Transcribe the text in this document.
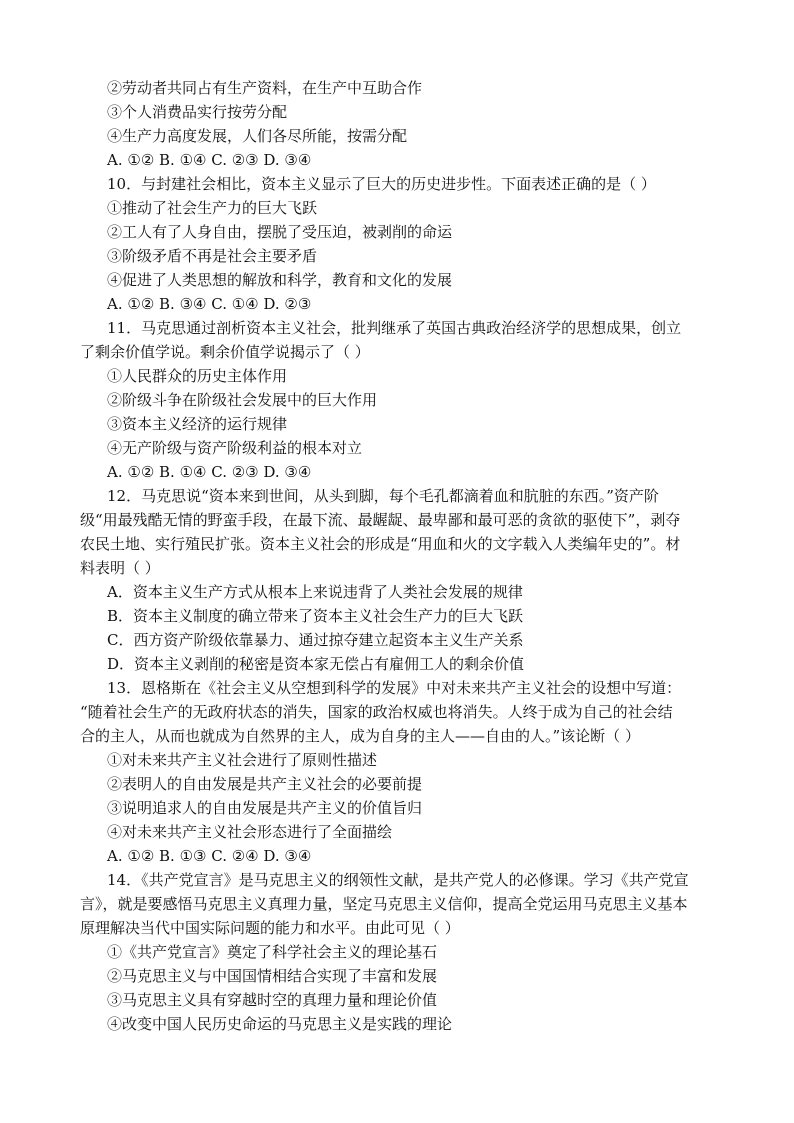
②劳动者共同占有生产资料，在生产中互助合作
③个人消费品实行按劳分配
④生产力高度发展，人们各尽所能，按需分配
A. ①② B. ①④ C. ②③ D. ③④
10．与封建社会相比，资本主义显示了巨大的历史进步性。下面表述正确的是（ ）
①推动了社会生产力的巨大飞跃
②工人有了人身自由，摆脱了受压迫，被剥削的命运
③阶级矛盾不再是社会主要矛盾
④促进了人类思想的解放和科学，教育和文化的发展
A. ①② B. ③④ C. ①④ D. ②③
11．马克思通过剖析资本主义社会，批判继承了英国古典政治经济学的思想成果，创立
了剩余价值学说。剩余价值学说揭示了（ ）
①人民群众的历史主体作用
②阶级斗争在阶级社会发展中的巨大作用
③资本主义经济的运行规律
④无产阶级与资产阶级利益的根本对立
A. ①② B. ①④ C. ②③ D. ③④
12．马克思说“资本来到世间，从头到脚，每个毛孔都滴着血和肮脏的东西。”资产阶
级“用最残酷无情的野蛮手段，在最下流、最龌龊、最卑鄙和最可恶的贪欲的驱使下”，剥夺
农民土地、实行殖民扩张。资本主义社会的形成是“用血和火的文字载入人类编年史的”。材
料表明（ ）
A．资本主义生产方式从根本上来说违背了人类社会发展的规律
B．资本主义制度的确立带来了资本主义社会生产力的巨大飞跃
C．西方资产阶级依靠暴力、通过掠夺建立起资本主义生产关系
D．资本主义剥削的秘密是资本家无偿占有雇佣工人的剩余价值
13．恩格斯在《社会主义从空想到科学的发展》中对未来共产主义社会的设想中写道：
“随着社会生产的无政府状态的消失，国家的政治权威也将消失。人终于成为自己的社会结
合的主人，从而也就成为自然界的主人，成为自身的主人——自由的人。”该论断（ ）
①对未来共产主义社会进行了原则性描述
②表明人的自由发展是共产主义社会的必要前提
③说明追求人的自由发展是共产主义的价值旨归
④对未来共产主义社会形态进行了全面描绘
A. ①② B. ①③ C. ②④ D. ③④
14．《共产党宣言》是马克思主义的纲领性文献，是共产党人的必修课。学习《共产党宣
言》，就是要感悟马克思主义真理力量，坚定马克思主义信仰，提高全党运用马克思主义基本
原理解决当代中国实际问题的能力和水平。由此可见（ ）
①《共产党宣言》奠定了科学社会主义的理论基石
②马克思主义与中国国情相结合实现了丰富和发展
③马克思主义具有穿越时空的真理力量和理论价值
④改变中国人民历史命运的马克思主义是实践的理论
